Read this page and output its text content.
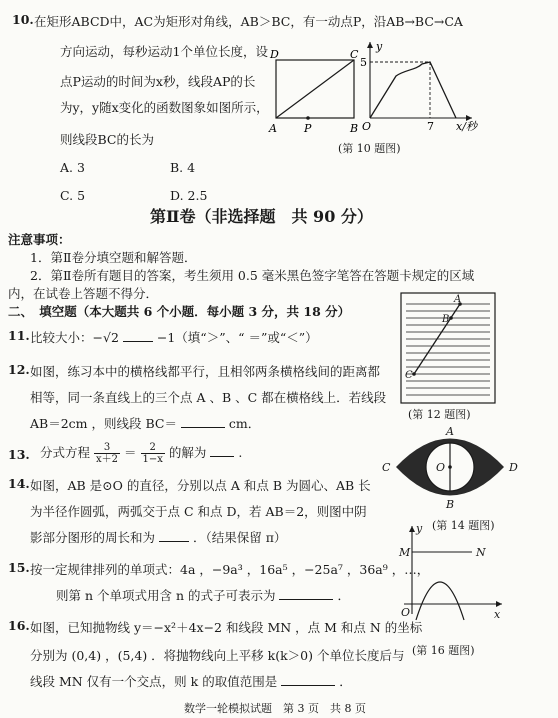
10. 在矩形ABCD中，AC为矩形对角线，AB＞BC，有一动点P，沿AB→BC→CA
方向运动，每秒运动1个单位长度，设
点P运动的时间为x秒，线段AP的长
为y，y随x变化的函数图象如图所示，
则线段BC的长为
A. 3	B. 4
C. 5	D. 2.5
D	C
A P	B
y
5
O	7 x/秒
(第 10 题图)
第Ⅱ卷（非选择题　共 90 分）
注意事项：
1．第Ⅱ卷分填空题和解答题．
2．第Ⅱ卷所有题目的答案，考生须用 0.5 毫米黑色签字笔答在答题卡规定的区域
内，在试卷上答题不得分．
二、　填空题（本大题共 6 个小题．每小题 3 分，共 18 分）
11. 比较大小：−√2	−1（填“＞”、“ ＝”或“＜”）
A
B
C
(第 12 题图)
12. 如图，练习本中的横格线都平行，且相邻两条横格线间的距离都
相等，同一条直线上的三个点 A 、B 、C 都在横格线上．若线段
AB＝2cm ，则线段 BC＝	cm．
13. 分式方程 $\frac{3}{x+2} = \frac{2}{1-x}$ 的解为	.
A
B
C	D
O
(第 14 题图)
14. 如图，AB 是⊙O 的直径，分别以点 A 和点 B 为圆心、AB 长
为半径作圆弧，两弧交于点 C 和点 D，若 AB＝2，则图中阴
影部分图形的周长和为	．（结果保留 π）
15. 按一定规律排列的单项式：4a ，−9a³ ，16a⁵ ，−25a⁷ ，36a⁹ ，…，
则第 n 个单项式用含 n 的式子可表示为	．
y
M	N
O	x
(第 16 题图)
16. 如图，已知抛物线 y＝−x²＋4x−2 和线段 MN ，点 M 和点 N 的坐标
分别为 (0,4) ，(5,4) ．将抛物线向上平移 k(k＞0) 个单位长度后与
线段 MN 仅有一个交点，则 k 的取值范围是	．
数学一轮模拟试题　第 3 页　共 8 页
